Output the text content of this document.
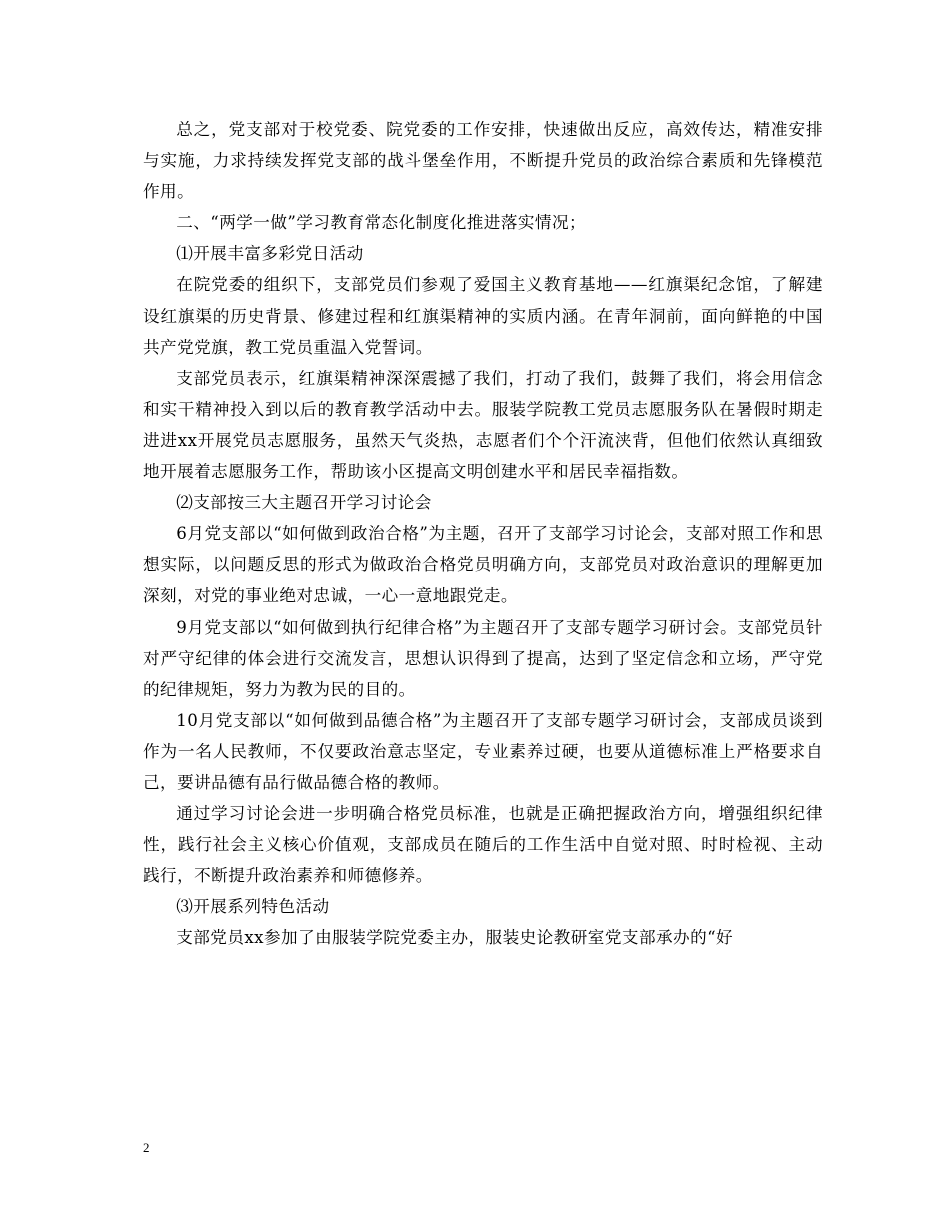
总之，党支部对于校党委、院党委的工作安排，快速做出反应，高效传达，精准安排与实施，力求持续发挥党支部的战斗堡垒作用，不断提升党员的政治综合素质和先锋模范作用。

二、“两学一做”学习教育常态化制度化推进落实情况；

⑴开展丰富多彩党日活动

在院党委的组织下，支部党员们参观了爱国主义教育基地——红旗渠纪念馆，了解建设红旗渠的历史背景、修建过程和红旗渠精神的实质内涵。在青年洞前，面向鲜艳的中国共产党党旗，教工党员重温入党誓词。

支部党员表示，红旗渠精神深深震撼了我们，打动了我们，鼓舞了我们，将会用信念和实干精神投入到以后的教育教学活动中去。服装学院教工党员志愿服务队在暑假时期走进进xx开展党员志愿服务，虽然天气炎热，志愿者们个个汗流浃背，但他们依然认真细致地开展着志愿服务工作，帮助该小区提高文明创建水平和居民幸福指数。

⑵支部按三大主题召开学习讨论会

6月党支部以“如何做到政治合格”为主题，召开了支部学习讨论会，支部对照工作和思想实际，以问题反思的形式为做政治合格党员明确方向，支部党员对政治意识的理解更加深刻，对党的事业绝对忠诚，一心一意地跟党走。

9月党支部以“如何做到执行纪律合格”为主题召开了支部专题学习研讨会。支部党员针对严守纪律的体会进行交流发言，思想认识得到了提高，达到了坚定信念和立场，严守党的纪律规矩，努力为教为民的目的。

10月党支部以“如何做到品德合格”为主题召开了支部专题学习研讨会，支部成员谈到作为一名人民教师，不仅要政治意志坚定，专业素养过硬，也要从道德标准上严格要求自己，要讲品德有品行做品德合格的教师。

通过学习讨论会进一步明确合格党员标准，也就是正确把握政治方向，增强组织纪律性，践行社会主义核心价值观，支部成员在随后的工作生活中自觉对照、时时检视、主动践行，不断提升政治素养和师德修养。

⑶开展系列特色活动

支部党员xx参加了由服装学院党委主办，服装史论教研室党支部承办的“好

2
